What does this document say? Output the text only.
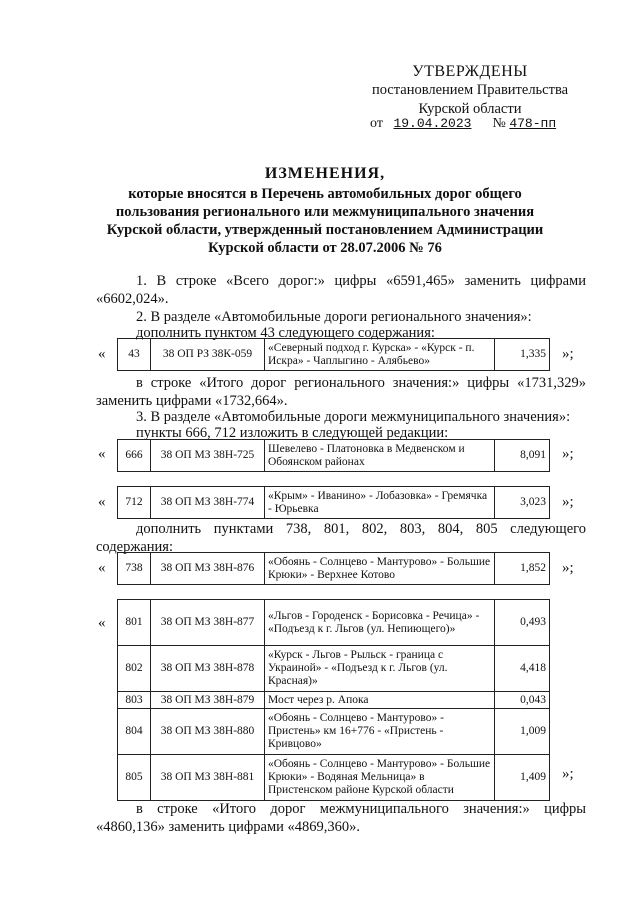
УТВЕРЖДЕНЫ
постановлением Правительства
Курской области
от 19.04.2023 № 478-пп
ИЗМЕНЕНИЯ,
которые вносятся в Перечень автомобильных дорог общего пользования регионального или межмуниципального значения Курской области, утвержденный постановлением Администрации Курской области от 28.07.2006 № 76
1. В строке «Всего дорог:» цифры «6591,465» заменить цифрами «6602,024».
2. В разделе «Автомобильные дороги регионального значения»:
дополнить пунктом 43 следующего содержания:
« 43	38 ОП РЗ 38К-059	«Северный подход г. Курска» - «Курск - п. Искра» - Чаплыгино - Алябьево»	1,335 »;
в строке «Итого дорог регионального значения:» цифры «1731,329» заменить цифрами «1732,664».
3. В разделе «Автомобильные дороги межмуниципального значения»:
пункты 666, 712 изложить в следующей редакции:
« 666	38 ОП МЗ 38Н-725	Шевелево - Платоновка в Медвенском и Обоянском районах	8,091 »;
« 712	38 ОП МЗ 38Н-774	«Крым» - Иванино» - Лобазовка» - Гремячка - Юрьевка	3,023 »;
дополнить пунктами 738, 801, 802, 803, 804, 805 следующего содержания:
« 738	38 ОП МЗ 38Н-876	«Обоянь - Солнцево - Мантурово» - Большие Крюки» - Верхнее Котово	1,852 »;
« 801	38 ОП МЗ 38Н-877	«Льгов - Городенск - Борисовка - Речица» - «Подъезд к г. Льгов (ул. Непиющего)»	0,493
802	38 ОП МЗ 38Н-878	«Курск - Льгов - Рыльск - граница с Украиной» - «Подъезд к г. Льгов (ул. Красная)»	4,418
803	38 ОП МЗ 38Н-879	Мост через р. Апока	0,043
804	38 ОП МЗ 38Н-880	«Обоянь - Солнцево - Мантурово» - Пристень» км 16+776 - «Пристень - Кривцово»	1,009
805	38 ОП МЗ 38Н-881	«Обоянь - Солнцево - Мантурово» - Большие Крюки» - Водяная Мельница» в Пристенском районе Курской области	1,409 »;
в строке «Итого дорог межмуниципального значения:» цифры «4860,136» заменить цифрами «4869,360».
